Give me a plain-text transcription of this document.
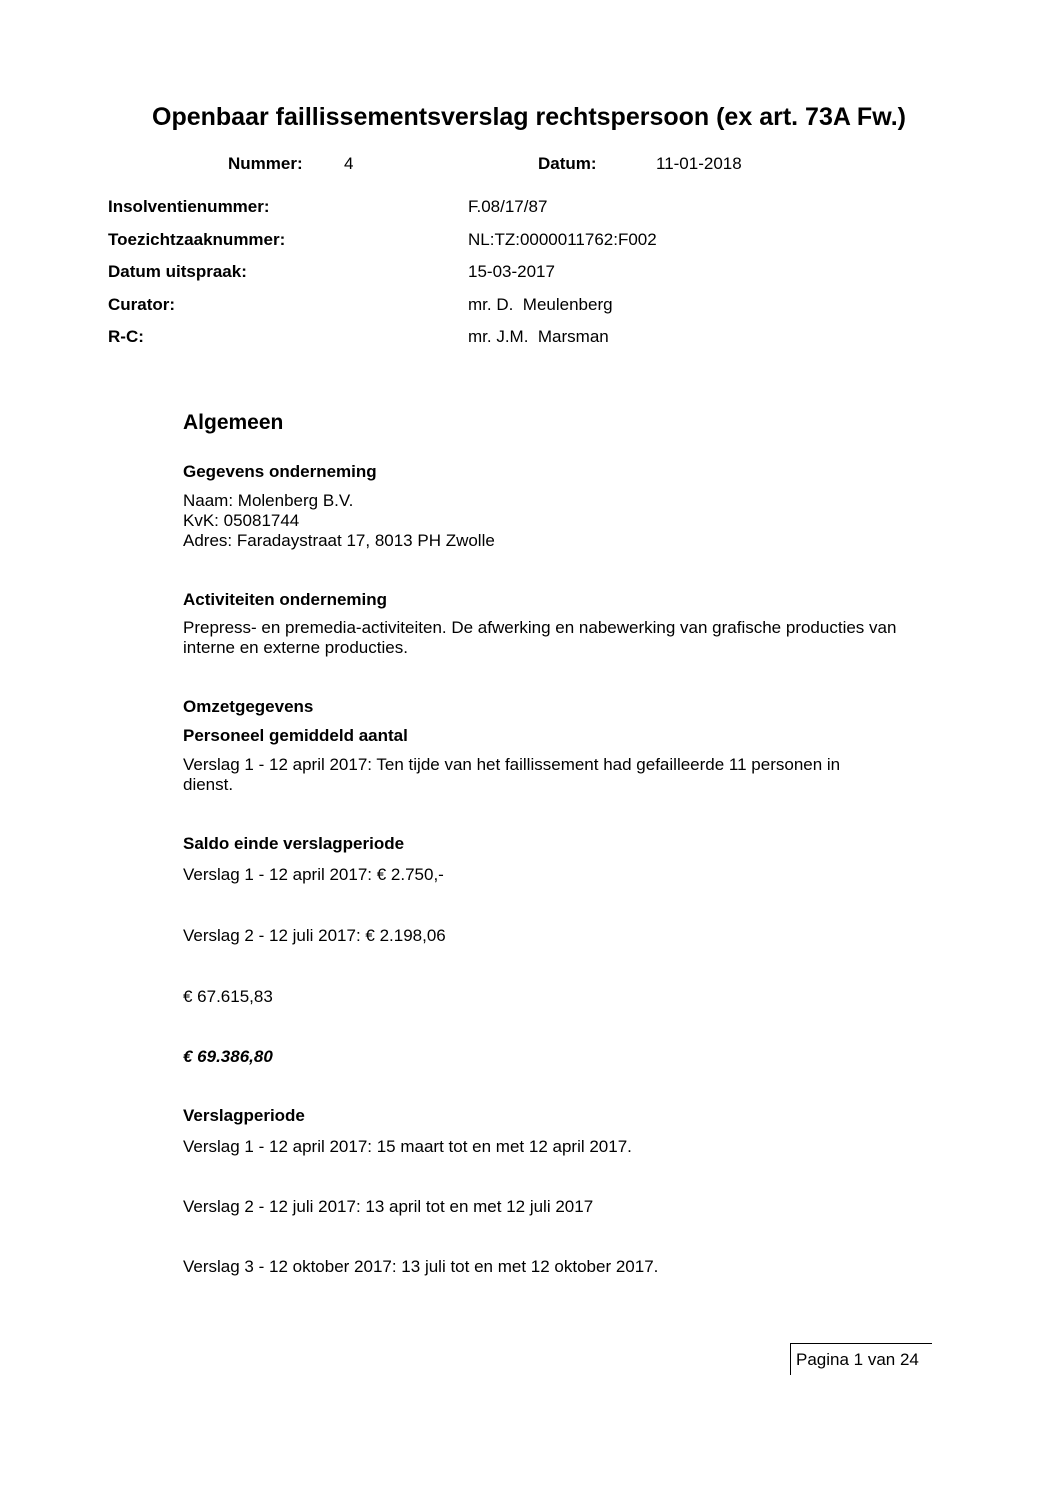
Openbaar faillissementsverslag rechtspersoon (ex art. 73A Fw.)
Nummer: 4	Datum:	11-01-2018
Insolventienummer:	F.08/17/87
Toezichtzaaknummer:	NL:TZ:0000011762:F002
Datum uitspraak:	15-03-2017
Curator:	mr. D.  Meulenberg
R-C:	mr. J.M.  Marsman
Algemeen
Gegevens onderneming
Naam: Molenberg B.V.
KvK: 05081744
Adres: Faradaystraat 17, 8013 PH Zwolle
Activiteiten onderneming
Prepress- en premedia-activiteiten. De afwerking en nabewerking van grafische producties van
interne en externe producties.
Omzetgegevens
Personeel gemiddeld aantal
Verslag 1 - 12 april 2017: Ten tijde van het faillissement had gefailleerde 11 personen in
dienst.
Saldo einde verslagperiode
Verslag 1 - 12 april 2017: € 2.750,-
Verslag 2 - 12 juli 2017: € 2.198,06
€ 67.615,83
€ 69.386,80
Verslagperiode
Verslag 1 - 12 april 2017: 15 maart tot en met 12 april 2017.
Verslag 2 - 12 juli 2017: 13 april tot en met 12 juli 2017
Verslag 3 - 12 oktober 2017: 13 juli tot en met 12 oktober 2017.
Pagina 1 van 24
